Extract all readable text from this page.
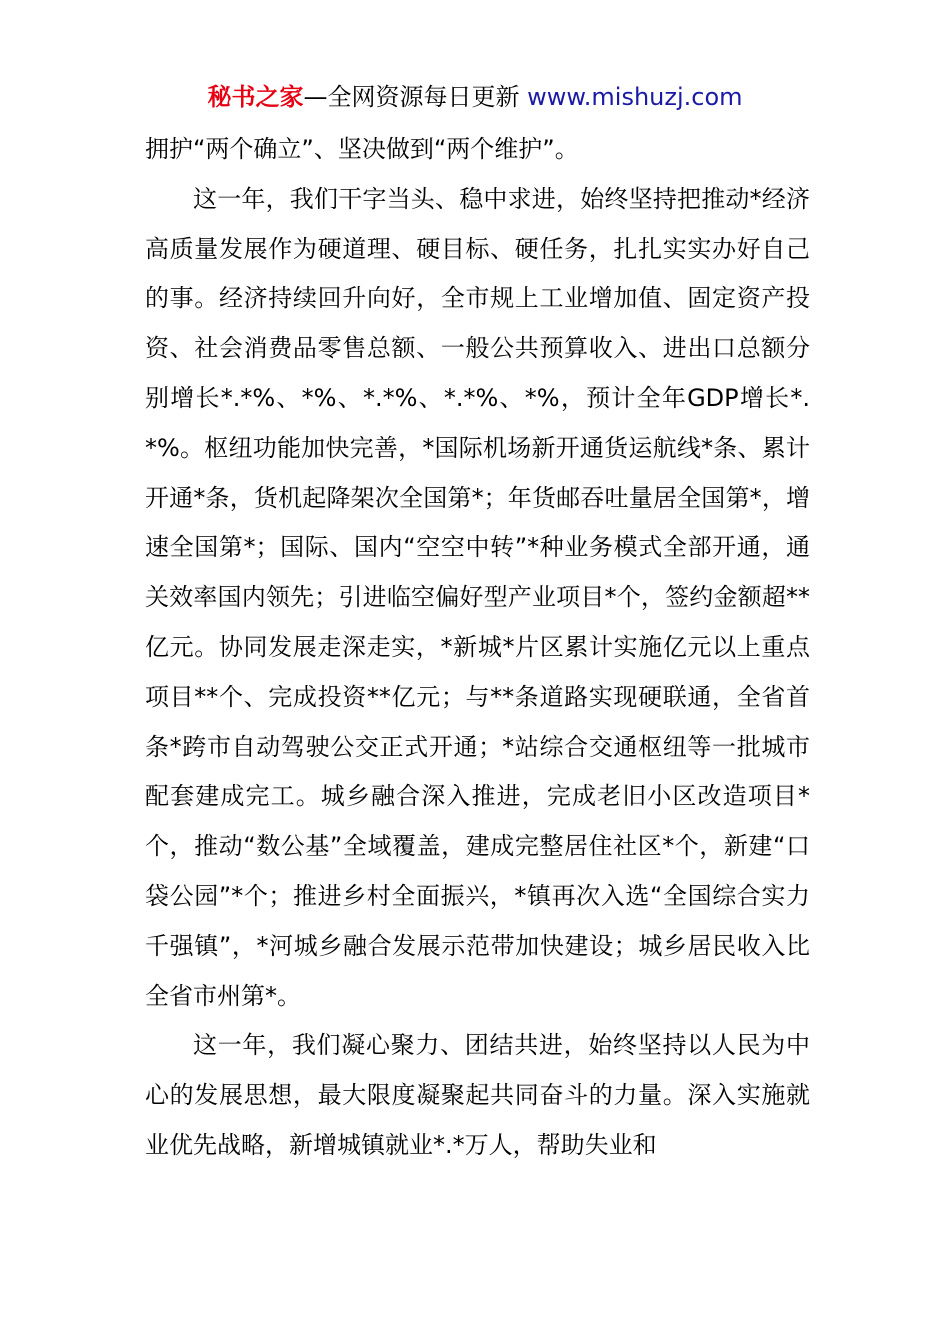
秘书之家—全网资源每日更新 www.mishuzj.com

拥护“两个确立”、坚决做到“两个维护”。

这一年，我们干字当头、稳中求进，始终坚持把推动*经济高质量发展作为硬道理、硬目标、硬任务，扎扎实实办好自己的事。经济持续回升向好，全市规上工业增加值、固定资产投资、社会消费品零售总额、一般公共预算收入、进出口总额分别增长*.*%、*%、*.*%、*.*%、*%，预计全年GDP增长*.*%。枢纽功能加快完善，*国际机场新开通货运航线*条、累计开通*条，货机起降架次全国第*；年货邮吞吐量居全国第*，增速全国第*；国际、国内“空空中转”*种业务模式全部开通，通关效率国内领先；引进临空偏好型产业项目*个，签约金额超**亿元。协同发展走深走实，*新城*片区累计实施亿元以上重点项目**个、完成投资**亿元；与**条道路实现硬联通，全省首条*跨市自动驾驶公交正式开通；*站综合交通枢纽等一批城市配套建成完工。城乡融合深入推进，完成老旧小区改造项目*个，推动“数公基”全域覆盖，建成完整居住社区*个，新建“口袋公园”*个；推进乡村全面振兴，*镇再次入选“全国综合实力千强镇”，*河城乡融合发展示范带加快建设；城乡居民收入比全省市州第*。

这一年，我们凝心聚力、团结共进，始终坚持以人民为中心的发展思想，最大限度凝聚起共同奋斗的力量。深入实施就业优先战略，新增城镇就业*.*万人，帮助失业和
